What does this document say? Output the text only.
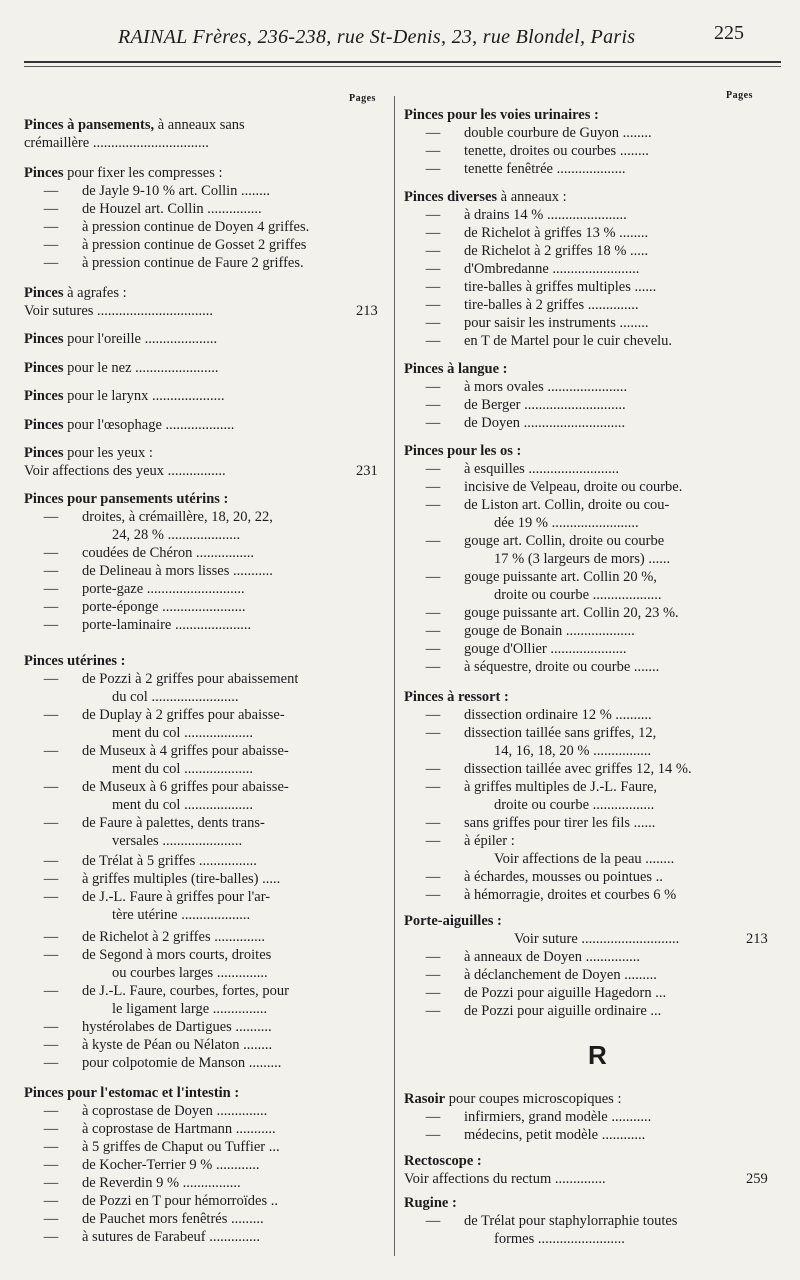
RAINAL Frères, 236-238, rue St-Denis, 23, rue Blondel, Paris	225
Pages	Pages
Pinces à pansements, à anneaux sans
crémaillère ................................
Pinces pour fixer les compresses :
—	de Jayle 9-10 % art. Collin ........
—	de Houzel art. Collin ...............
—	à pression continue de Doyen 4 griffes.
—	à pression continue de Gosset 2 griffes
—	à pression continue de Faure 2 griffes.
Pinces à agrafes :
Voir sutures ................................	213
Pinces pour l'oreille ....................
Pinces pour le nez .......................
Pinces pour le larynx ....................
Pinces pour l'œsophage ...................
Pinces pour les yeux :
Voir affections des yeux ................	231
Pinces pour pansements utérins :
—	droites, à crémaillère, 18, 20, 22,
24, 28 % ....................
—	coudées de Chéron ................
—	de Delineau à mors lisses ...........
—	porte-gaze ...........................
—	porte-éponge .......................
—	porte-laminaire .....................
Pinces utérines :
—	de Pozzi à 2 griffes pour abaissement
du col ........................
—	de Duplay à 2 griffes pour abaisse-
ment du col ...................
—	de Museux à 4 griffes pour abaisse-
ment du col ...................
—	de Museux à 6 griffes pour abaisse-
ment du col ...................
—	de Faure à palettes, dents trans-
versales ......................
—	de Trélat à 5 griffes ................
—	à griffes multiples (tire-balles) .....
—	de J.-L. Faure à griffes pour l'ar-
tère utérine ...................
—	de Richelot à 2 griffes ..............
—	de Segond à mors courts, droites
ou courbes larges ..............
—	de J.-L. Faure, courbes, fortes, pour
le ligament large ...............
—	hystérolabes de Dartigues ..........
—	à kyste de Péan ou Nélaton ........
—	pour colpotomie de Manson .........
Pinces pour l'estomac et l'intestin :
—	à coprostase de Doyen ..............
—	à coprostase de Hartmann ...........
—	à 5 griffes de Chaput ou Tuffier ...
—	de Kocher-Terrier 9 % ............
—	de Reverdin 9 % ................
—	de Pozzi en T pour hémorroïdes ..
—	de Pauchet mors fenêtrés .........
—	à sutures de Farabeuf ..............
Pinces pour les voies urinaires :
—	double courbure de Guyon ........
—	tenette, droites ou courbes ........
—	tenette fenêtrée ...................
Pinces diverses à anneaux :
—	à drains 14 % ......................
—	de Richelot à griffes 13 % ........
—	de Richelot à 2 griffes 18 % .....
—	d'Ombredanne ........................
—	tire-balles à griffes multiples ......
—	tire-balles à 2 griffes ..............
—	pour saisir les instruments ........
—	en T de Martel pour le cuir chevelu.
Pinces à langue :
—	à mors ovales ......................
—	de Berger ............................
—	de Doyen ............................
Pinces pour les os :
—	à esquilles .........................
—	incisive de Velpeau, droite ou courbe.
—	de Liston art. Collin, droite ou cou-
dée 19 % ........................
—	gouge art. Collin, droite ou courbe
17 % (3 largeurs de mors) ......
—	gouge puissante art. Collin 20 %,
droite ou courbe ...................
—	gouge puissante art. Collin 20, 23 %.
—	gouge de Bonain ...................
—	gouge d'Ollier .....................
—	à séquestre, droite ou courbe .......
Pinces à ressort :
—	dissection ordinaire 12 % ..........
—	dissection taillée sans griffes, 12,
14, 16, 18, 20 % ................
—	dissection taillée avec griffes 12, 14 %.
—	à griffes multiples de J.-L. Faure,
droite ou courbe .................
—	sans griffes pour tirer les fils ......
—	à épiler :
Voir affections de la peau ........
—	à échardes, mousses ou pointues ..
—	à hémorragie, droites et courbes 6 %
Porte-aiguilles :
Voir suture ...........................	213
—	à anneaux de Doyen ...............
—	à déclanchement de Doyen .........
—	de Pozzi pour aiguille Hagedorn ...
—	de Pozzi pour aiguille ordinaire ...
Rasoir pour coupes microscopiques :
—	infirmiers, grand modèle ...........
—	médecins, petit modèle ............
Rectoscope :
Voir affections du rectum ..............	259
Rugine :
—	de Trélat pour staphylorraphie toutes
formes ........................
R
